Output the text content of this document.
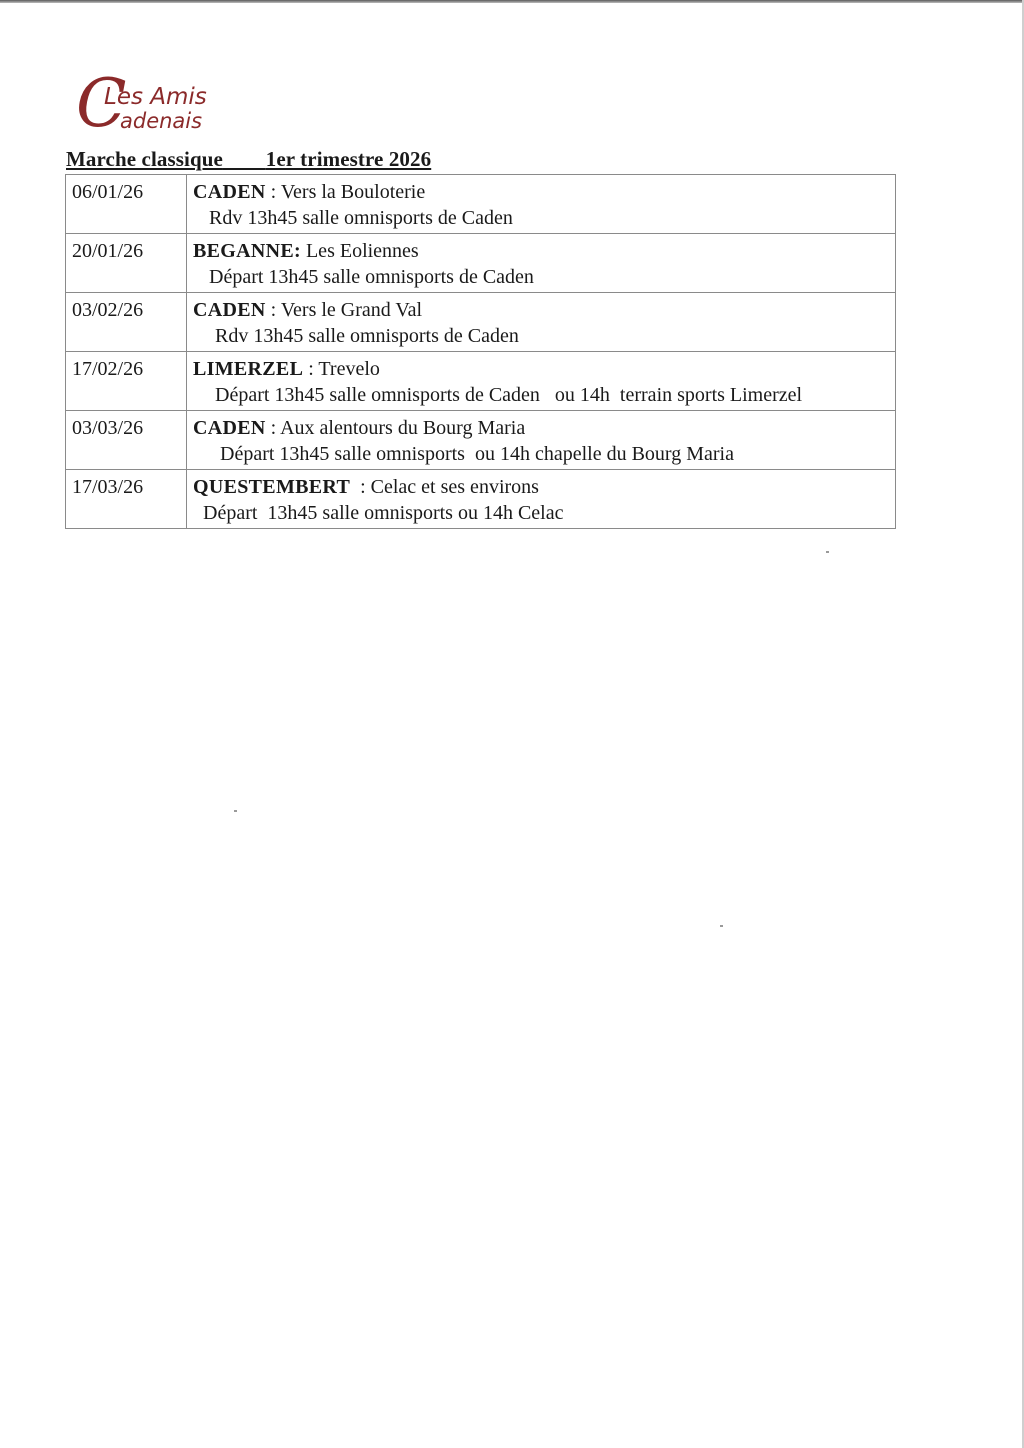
C
Les Amis
adenais
Marche classique 1er trimestre 2026
06/01/26	CADEN : Vers la Bouloterie
Rdv 13h45 salle omnisports de Caden

20/01/26	BEGANNE: Les Eoliennes
Départ 13h45 salle omnisports de Caden

03/02/26	CADEN : Vers le Grand Val
Rdv 13h45 salle omnisports de Caden

17/02/26	LIMERZEL : Trevelo
Départ 13h45 salle omnisports de Caden   ou 14h  terrain sports Limerzel

03/03/26	CADEN : Aux alentours du Bourg Maria
Départ 13h45 salle omnisports  ou 14h chapelle du Bourg Maria

17/03/26	QUESTEMBERT  : Celac et ses environs
Départ  13h45 salle omnisports ou 14h Celac
